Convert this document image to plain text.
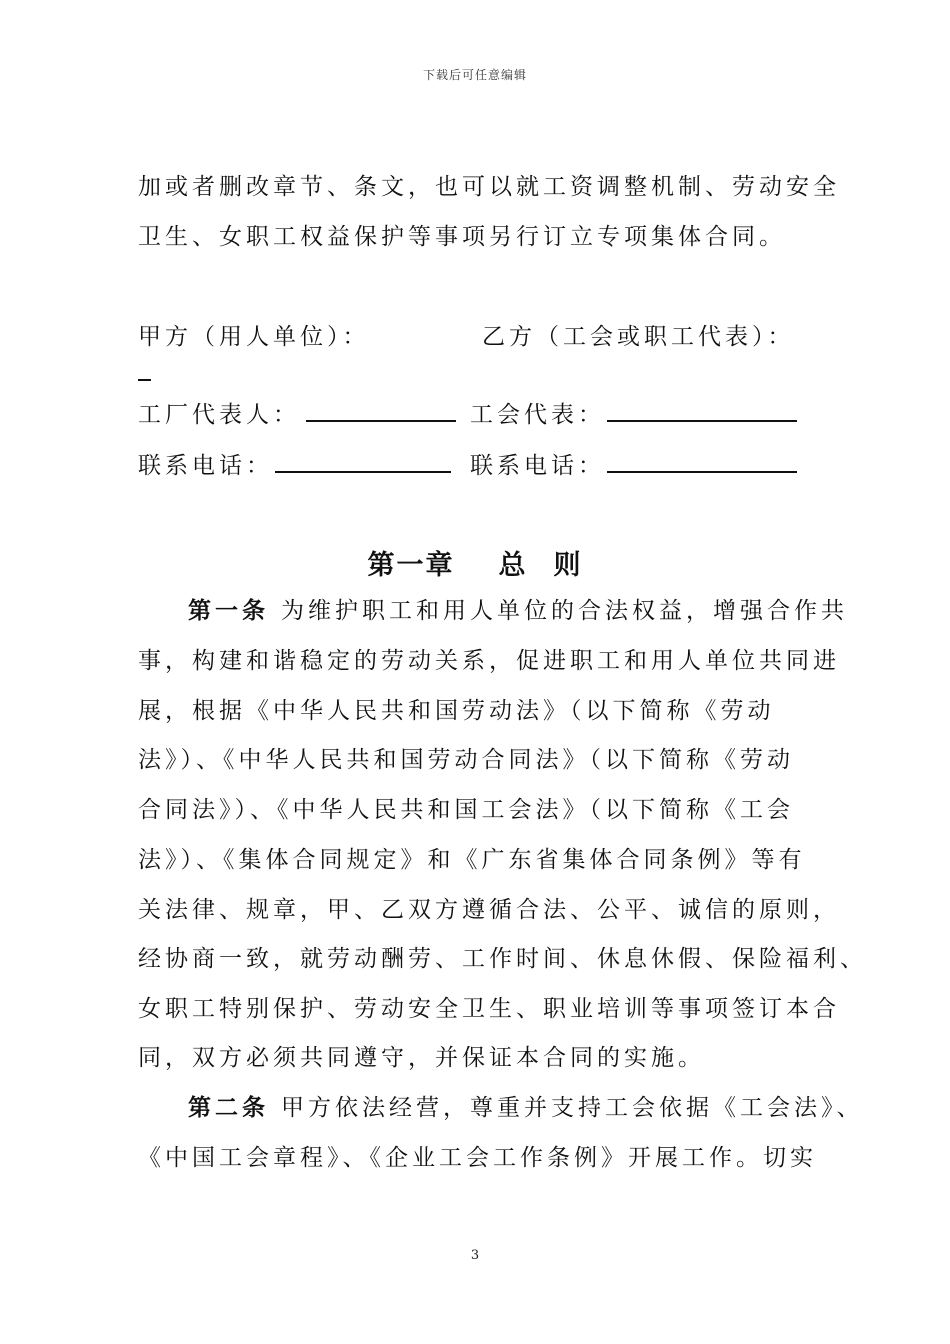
下载后可任意编辑
加或者删改章节、条文，也可以就工资调整机制、劳动安全
卫生、女职工权益保护等事项另行订立专项集体合同。
甲方（用人单位）：	乙方（工会或职工代表）：
工厂代表人：	工会代表：
联系电话：	联系电话：
第一章 总 则
第一条 为维护职工和用人单位的合法权益，增强合作共
事，构建和谐稳定的劳动关系，促进职工和用人单位共同进
展，根据《中华人民共和国劳动法》（以下简称《劳动
法》）、《中华人民共和国劳动合同法》（以下简称《劳动
合同法》）、《中华人民共和国工会法》（以下简称《工会
法》）、《集体合同规定》和《广东省集体合同条例》等有
关法律、规章，甲、乙双方遵循合法、公平、诚信的原则，
经协商一致，就劳动酬劳、工作时间、休息休假、保险福利、
女职工特别保护、劳动安全卫生、职业培训等事项签订本合
同，双方必须共同遵守，并保证本合同的实施。
第二条 甲方依法经营，尊重并支持工会依据《工会法》、
《中国工会章程》、《企业工会工作条例》开展工作。切实
3
